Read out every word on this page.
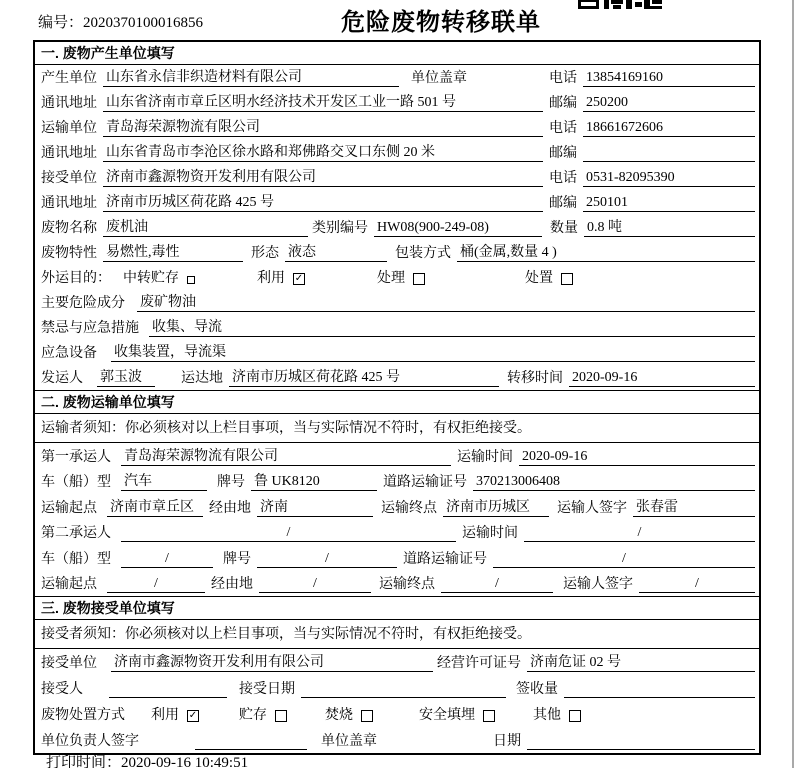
编号：2020370100016856	危险废物转移联单
一. 废物产生单位填写
产生单位 山东省永信非织造材料有限公司	单位盖章	电话 13854169160
通讯地址 山东省济南市章丘区明水经济技术开发区工业一路 501 号	邮编 250200
运输单位 青岛海荣源物流有限公司	电话 18661672606
通讯地址 山东省青岛市李沧区徐水路和郑佛路交叉口东侧 20 米	邮编
接受单位 济南市鑫源物资开发利用有限公司	电话 0531-82095390
通讯地址 济南市历城区荷花路 425 号	邮编 250101
废物名称 废机油	类别编号 HW08(900-249-08)	数量 0.8 吨
废物特性 易燃性,毒性	形态 液态	包装方式 桶(金属,数量 4 )
外运目的： 中转贮存	利用 ✓	处理	处置
主要危险成分	废矿物油
禁忌与应急措施 收集、导流
应急设备	收集装置，导流渠
发运人	郭玉波	运达地 济南市历城区荷花路 425 号	转移时间 2020-09-16
二. 废物运输单位填写
运输者须知：你必须核对以上栏目事项，当与实际情况不符时，有权拒绝接受。
第一承运人 青岛海荣源物流有限公司	运输时间 2020-09-16
车（船）型 汽车	牌号 鲁 UK8120	道路运输证号 370213006408
运输起点 济南市章丘区	经由地 济南	运输终点 济南市历城区	运输人签字 张春雷
第二承运人	/	运输时间	/
车（船）型	/	牌号	/	道路运输证号	/
运输起点	/	经由地	/	运输终点	/	运输人签字	/
三. 废物接受单位填写
接受者须知：你必须核对以上栏目事项，当与实际情况不符时，有权拒绝接受。
接受单位	济南市鑫源物资开发利用有限公司	经营许可证号 济南危证 02 号
接受人	接受日期	签收量
废物处置方式	利用 ✓	贮存	焚烧	安全填埋	其他
单位负责人签字	单位盖章	日期
打印时间：2020-09-16 10:49:51
